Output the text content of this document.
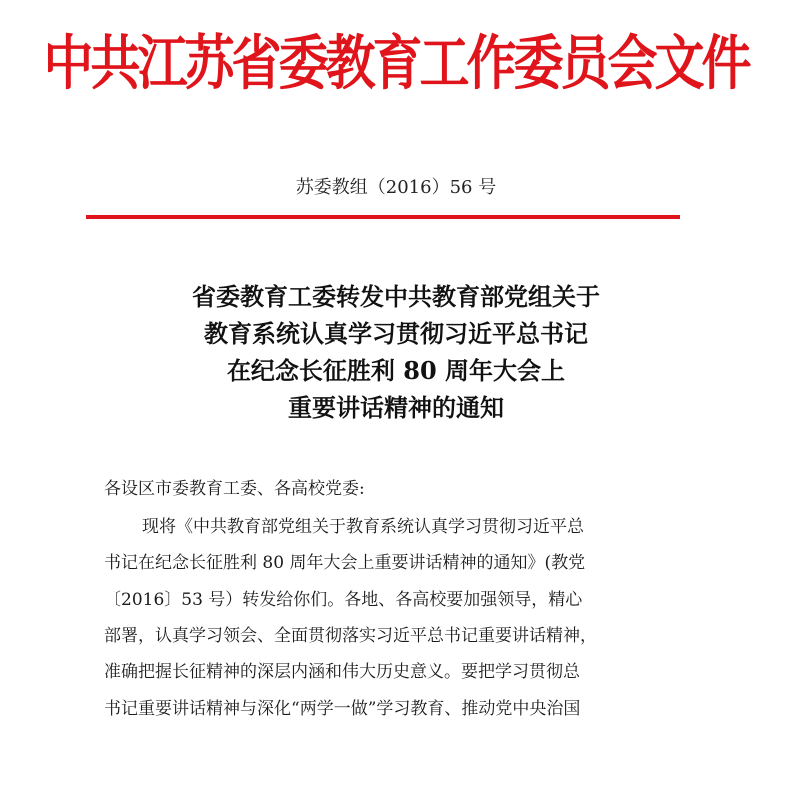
中共江苏省委教育工作委员会文件
苏委教组（2016）56 号
省委教育工委转发中共教育部党组关于
教育系统认真学习贯彻习近平总书记
在纪念长征胜利 80 周年大会上
重要讲话精神的通知
各设区市委教育工委、各高校党委:
现将《中共教育部党组关于教育系统认真学习贯彻习近平总
书记在纪念长征胜利 80 周年大会上重要讲话精神的通知》(教党
〔2016〕53 号）转发给你们。各地、各高校要加强领导，精心
部署，认真学习领会、全面贯彻落实习近平总书记重要讲话精神，
准确把握长征精神的深层内涵和伟大历史意义。要把学习贯彻总
书记重要讲话精神与深化“两学一做”学习教育、推动党中央治国
